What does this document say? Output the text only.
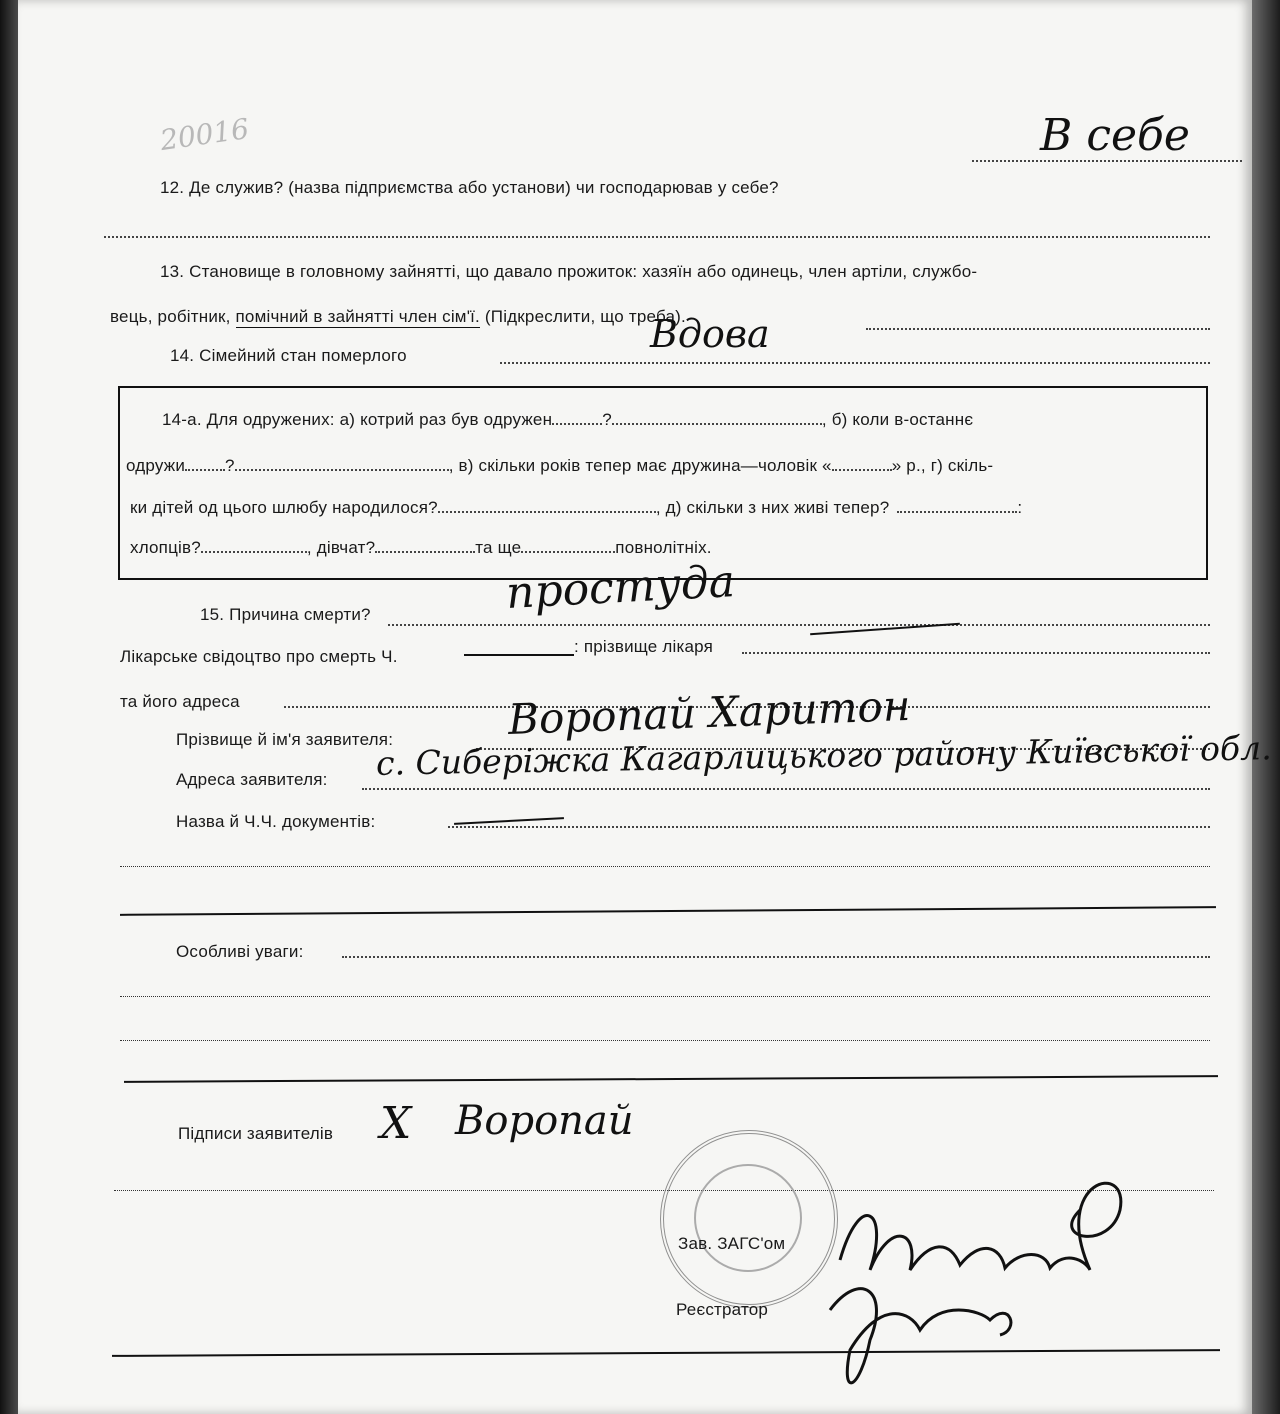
20016
12. Де служив? (назва підприємства або установи) чи господарював у себе?
В себе
13. Становище в головному зайнятті, що давало прожиток: хазяїн або одинець, член артіли, службо-
вець, робітник, помічний в зайнятті член сім'ї. (Підкреслити, що треба).
14. Сімейний стан померлого	Вдова
14-а. Для одружених: а) котрий раз був одружен	?	, б) коли в-останнє
одружи ?	, в) скільки років тепер має дружина—чоловік «	» р., г) скіль-
ки дітей од цього шлюбу народилося?	, д) скільки з них живі тепер?	:
хлопців?	, дівчат?	та ще	повнолітніх.
15. Причина смерти?	простуда
Лікарське свідоцтво про смерть Ч.
: прізвище лікаря
та його адреса
Прізвище й ім'я заявителя:	Воропай Харитон
Адреса заявителя: с. Сиберіжка Кагарлицького району Київської обл.
Назва й Ч.Ч. документів:
Особливі уваги:
Підписи заявителів Х Воропай
Зав. ЗАГС'ом
Реєстратор
